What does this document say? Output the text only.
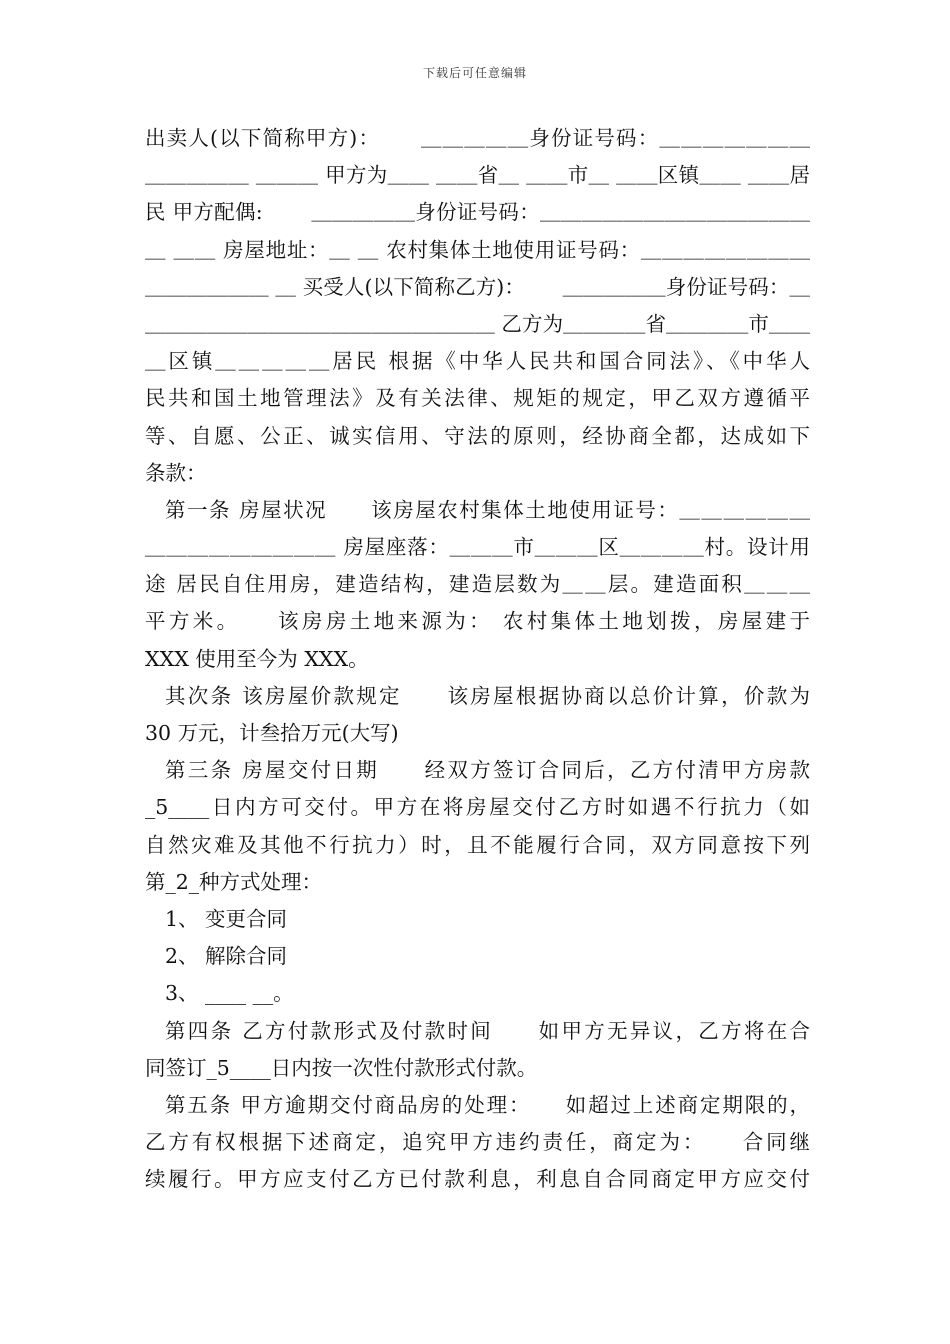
下载后可任意编辑
出卖人(以下简称甲方)：　　 ＿＿＿＿＿身份证号码：＿＿＿＿＿＿＿
＿＿＿＿＿ ＿＿＿ 甲方为＿＿ ＿＿省＿ ＿＿市＿ ＿＿区镇＿＿ ＿＿居
民 甲方配偶:　　 ＿＿＿＿＿身份证号码：＿＿＿＿＿＿＿＿＿＿＿＿＿
＿ ＿＿ 房屋地址：＿ ＿ 农村集体土地使用证号码：＿＿＿＿＿＿＿＿
＿＿＿＿＿＿ ＿ 买受人(以下简称乙方)：　　 ＿＿＿＿＿身份证号码：＿
＿＿＿＿＿＿＿＿＿＿＿＿＿＿＿＿＿ 乙方为＿＿＿＿省＿＿＿＿市＿＿
＿区镇＿＿＿＿＿居民 根据《中华人民共和国合同法》、《中华人
民共和国土地管理法》及有关法律、规矩的规定，甲乙双方遵循平
等、自愿、公正、诚实信用、守法的原则，经协商全都，达成如下
条款：
第一条 房屋状况　　该房屋农村集体土地使用证号：＿＿＿＿＿＿
＿＿＿＿＿＿＿＿＿ 房屋座落：＿＿＿市＿＿＿区＿＿＿＿村。设计用
途 居民自住用房，建造结构，建造层数为＿＿层。建造面积＿＿＿
平方米。　　该房房土地来源为： 农村集体土地划拨，房屋建于
XXX 使用至今为 XXX。
其次条 该房屋价款规定　　该房屋根据协商以总价计算，价款为
30 万元，计叁拾万元(大写)
第三条 房屋交付日期　　经双方签订合同后，乙方付清甲方房款
_5____日内方可交付。甲方在将房屋交付乙方时如遇不行抗力（如
自然灾难及其他不行抗力）时，且不能履行合同，双方同意按下列
第_2_种方式处理：
1、 变更合同
2、 解除合同
3、 ____ __。
第四条 乙方付款形式及付款时间　　如甲方无异议，乙方将在合
同签订_5____日内按一次性付款形式付款。
第五条 甲方逾期交付商品房的处理：　　如超过上述商定期限的，
乙方有权根据下述商定，追究甲方违约责任，商定为：　　合同继
续履行。甲方应支付乙方已付款利息，利息自合同商定甲方应交付
